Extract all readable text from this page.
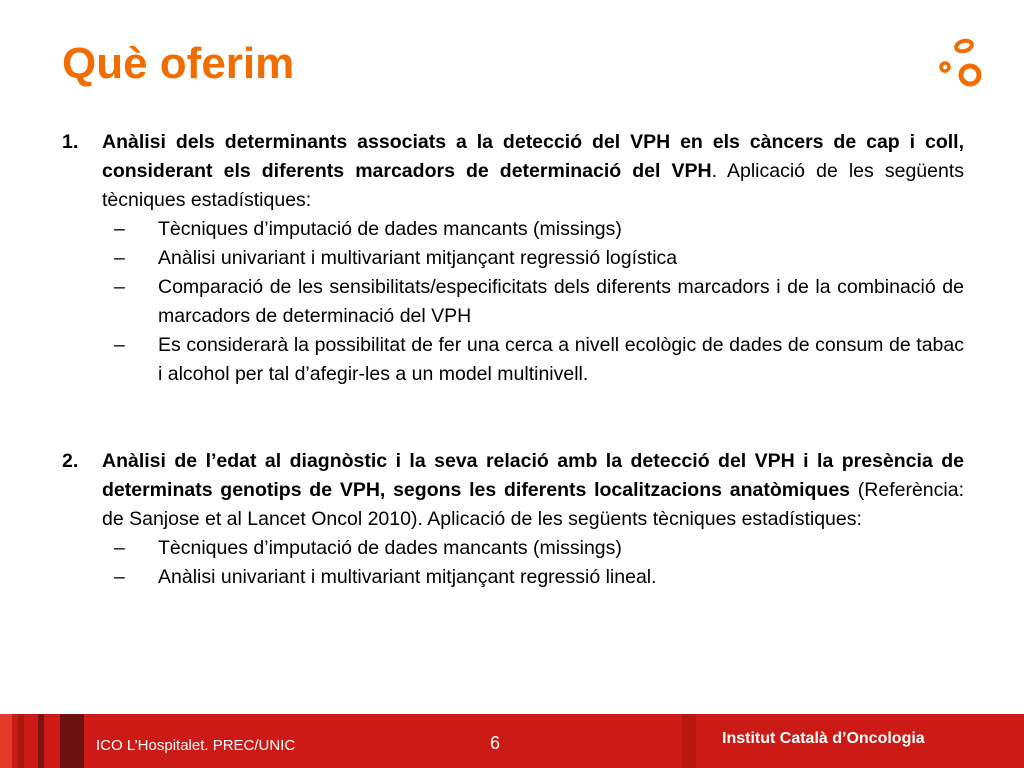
Què oferim
1.	Anàlisi dels determinants associats a la detecció del VPH en els càncers de cap i coll, considerant els diferents marcadors de determinació del VPH. Aplicació de les següents tècniques estadístiques:
–	Tècniques d’imputació de dades mancants (missings)
–	Anàlisi univariant i multivariant mitjançant regressió logística
–	Comparació de les sensibilitats/especificitats dels diferents marcadors i de la combinació de marcadors de determinació del VPH
–	Es considerarà la possibilitat de fer una cerca a nivell ecològic de dades de consum de tabac i alcohol per tal d’afegir-les a un model multinivell.
2.	Anàlisi de l’edat al diagnòstic i la seva relació amb la detecció del VPH i la presència de determinats genotips de VPH, segons les diferents localitzacions anatòmiques (Referència: de Sanjose et al Lancet Oncol 2010). Aplicació de les següents tècniques estadístiques:
–	Tècniques d’imputació de dades mancants (missings)
–	Anàlisi univariant i multivariant mitjançant regressió lineal.
ICO L’Hospitalet. PREC/UNIC	6	Institut Català d’Oncologia
